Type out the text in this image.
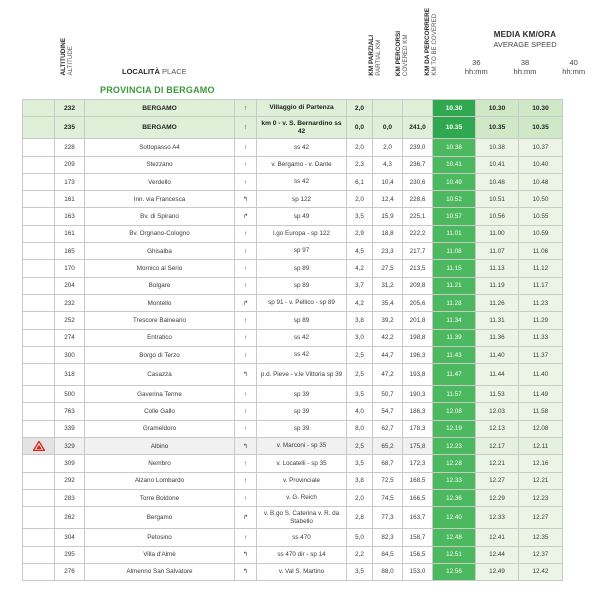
ALTITUDINE
ALTITUDE	LOCALITÀ PLACE	KM PARZIALI
PARTIAL KM KM PERCORSI
COVERED KM KM DA PERCORRERE
KM TO BE COVERED	MEDIA KM/ORA
AVERAGE SPEED
36
hh:mm
38
hh:mm
40
hh:mm
PROVINCIA DI BERGAMO
	232	BERGAMO	↑	Villaggio di Partenza	2,0			10.30	10.30	10.30
	235	BERGAMO	↑	km 0 - v. S. Bernardino ss 42	0,0	0,0	241,0	10.35	10.35	10.35
	228	Sottopasso A4	↑	ss 42	2,0	2,0	239,0	10.38	10.38	10.37
	209	Stezzano	↑	v. Bergamo - v. Dante	2,3	4,3	236,7	10.41	10.41	10.40
	173	Verdello	↑	ss 42	6,1	10,4	230,6	10.49	10.48	10.48
	161	Inn. via Francesca	↰	sp 122	2,0	12,4	228,6	10.52	10.51	10.50
	163	Bv. di Spirano	↱	sp 49	3,5	15,9	225,1	10.57	10.56	10.55
	161	Bv. Orgnano-Cologno	↑	l.go Europa - sp 122	2,9	18,8	222,2	11.01	11.00	10.59
	165	Ghisalba	↑	sp 97	4,5	23,3	217,7	11.08	11.07	11.06
	170	Mornico al Serio	↑	sp 89	4,2	27,5	213,5	11.15	11.13	11.12
	204	Bolgare	↑	sp 89	3,7	31,2	209,8	11.21	11.19	11.17
	232	Montello	↱	sp 91 - v. Pellico - sp 89	4,2	35,4	205,6	11.28	11.26	11.23
	252	Trescore Balneario	↑	sp 89	3,8	39,2	201,8	11.34	11.31	11.29
	274	Entratico	↑	ss 42	3,0	42,2	198,8	11.39	11.36	11.33
	300	Borgo di Terzo	↑	ss 42	2,5	44,7	196,3	11.43	11.40	11.37
	318	Casazza	↰	p.d. Pieve - v.le Vittoria sp 39	2,5	47,2	193,8	11.47	11.44	11.40
	500	Gaverina Terme	↑	sp 39	3,5	50,7	190,3	11.57	11.53	11.49
	763	Colle Gallo	↑	sp 39	4,0	54,7	186,3	12.08	12.03	11.58
	339	Grameldoro	↑	sp 39	8,0	62,7	178,3	12.19	12.13	12.08
	329	Albino	↰	v. Marconi - sp 35	2,5	65,2	175,8	12.23	12.17	12.11
	309	Nembro	↑	v. Locatelli - sp 35	3,5	68,7	172,3	12.28	12.21	12.16
	292	Alzano Lombardo	↑	v. Provinciale	3,8	72,5	168,5	12.33	12.27	12.21
	283	Torre Boldone	↑	v. G. Reich	2,0	74,5	166,5	12.36	12.29	12.23
	262	Bergamo	↱	v. B.go S. Caterina v. R. da Stabello	2,8	77,3	163,7	12.40	12.33	12.27
	304	Petosino	↑	ss 470	5,0	82,3	158,7	12.48	12.41	12.35
	295	Villa d'Almè	↰	ss 470 dir - sp 14	2,2	84,5	156,5	12.51	12.44	12.37
	276	Almenno San Salvatore	↰	v. Val S. Martino	3,5	88,0	153,0	12.56	12.49	12.42
